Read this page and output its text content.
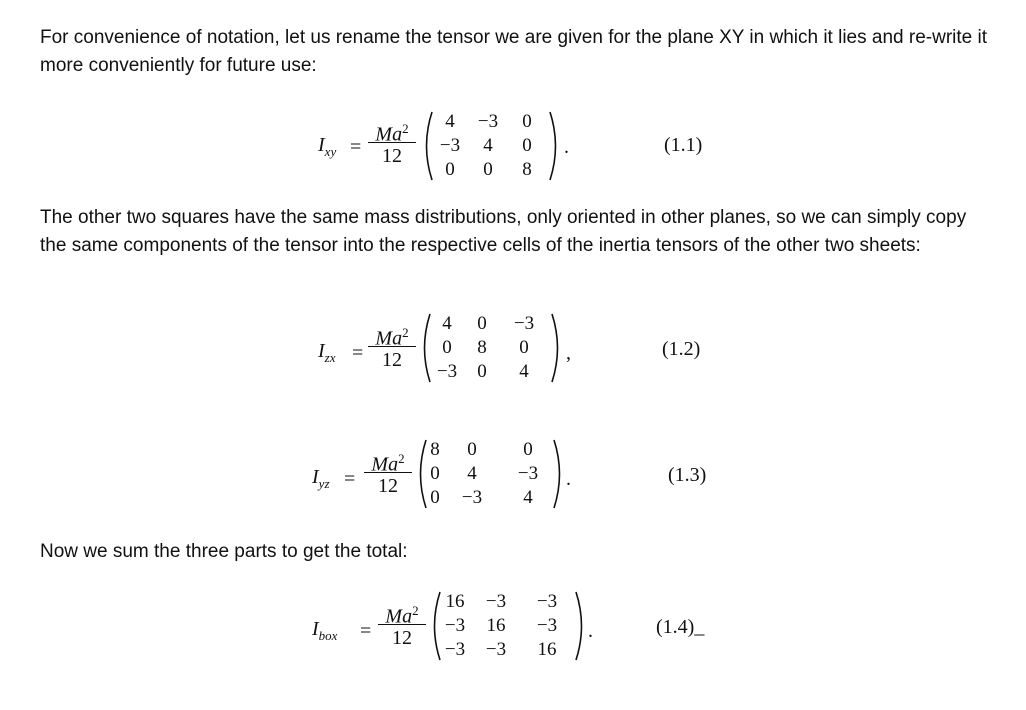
For convenience of notation, let us rename the tensor we are given for the plane XY in which it lies and re-write it more conveniently for future use:
$I_{xy}$ =
$Ma^2$
12
4	−3	0
−3	4	0
0	0	8
.	(1.1)
The other two squares have the same mass distributions, only oriented in other planes, so we can simply copy the same components of the tensor into the respective cells of the inertia tensors of the other two sheets:
$I_{zx}$ =
$Ma^2$
12
4	0	−3
0	8	0
−3	0	4
,	(1.2)
$I_{yz}$ =
$Ma^2$
12
8	0	0
0	4	−3
0	−3	4
.	(1.3)
Now we sum the three parts to get the total:
$I_{box}$ =
$Ma^2$
12
16	−3	−3
−3	16	−3
−3	−3	16
.	(1.4)_
